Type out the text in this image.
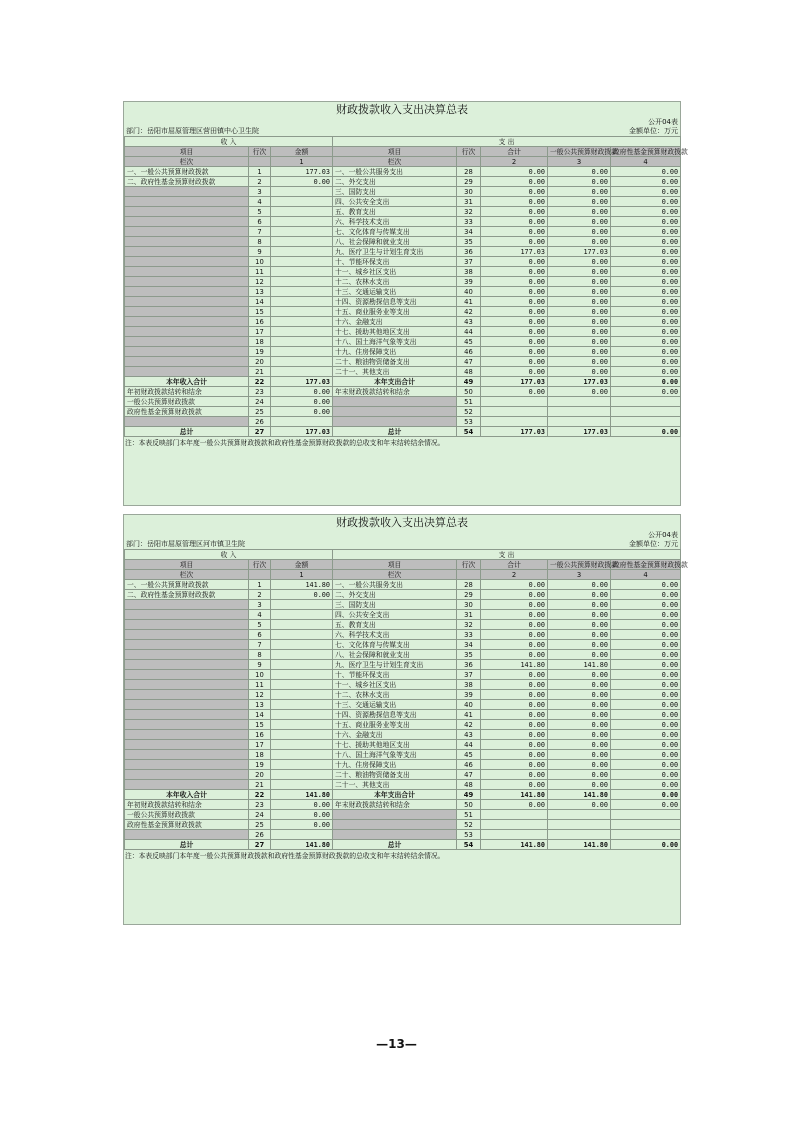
财政拨款收入支出决算总表
公开04表
部门：岳阳市屈原管理区营田镇中心卫生院	金额单位：万元
收 入			支 出				
项目	行次	金额	项目	行次	合计	一般公共预算财政拨款	政府性基金预算财政拨款
栏次		1	栏次		2	3	4
一、一般公共预算财政拨款	1	177.03	一、一般公共服务支出	28	0.00	0.00	0.00
二、政府性基金预算财政拨款	2	0.00	二、外交支出	29	0.00	0.00	0.00
	3		三、国防支出	30	0.00	0.00	0.00
	4		四、公共安全支出	31	0.00	0.00	0.00
	5		五、教育支出	32	0.00	0.00	0.00
	6		六、科学技术支出	33	0.00	0.00	0.00
	7		七、文化体育与传媒支出	34	0.00	0.00	0.00
	8		八、社会保障和就业支出	35	0.00	0.00	0.00
	9		九、医疗卫生与计划生育支出	36	177.03	177.03	0.00
	10		十、节能环保支出	37	0.00	0.00	0.00
	11		十一、城乡社区支出	38	0.00	0.00	0.00
	12		十二、农林水支出	39	0.00	0.00	0.00
	13		十三、交通运输支出	40	0.00	0.00	0.00
	14		十四、资源勘探信息等支出	41	0.00	0.00	0.00
	15		十五、商业服务业等支出	42	0.00	0.00	0.00
	16		十六、金融支出	43	0.00	0.00	0.00
	17		十七、援助其他地区支出	44	0.00	0.00	0.00
	18		十八、国土海洋气象等支出	45	0.00	0.00	0.00
	19		十九、住房保障支出	46	0.00	0.00	0.00
	20		二十、粮油物资储备支出	47	0.00	0.00	0.00
	21		二十一、其他支出	48	0.00	0.00	0.00
本年收入合计	22	177.03	本年支出合计	49	177.03	177.03	0.00
年初财政拨款结转和结余	23	0.00	年末财政拨款结转和结余	50	0.00	0.00	0.00
一般公共预算财政拨款	24	0.00		51			
政府性基金预算财政拨款	25	0.00		52			
	26			53			
总计	27	177.03	总计	54	177.03	177.03	0.00
注：本表反映部门本年度一般公共预算财政拨款和政府性基金预算财政拨款的总收支和年末结转结余情况。
财政拨款收入支出决算总表
公开04表
部门：岳阳市屈原管理区河市镇卫生院	金额单位：万元
收 入			支 出				
项目	行次	金额	项目	行次	合计	一般公共预算财政拨款	政府性基金预算财政拨款
栏次		1	栏次		2	3	4
一、一般公共预算财政拨款	1	141.80	一、一般公共服务支出	28	0.00	0.00	0.00
二、政府性基金预算财政拨款	2	0.00	二、外交支出	29	0.00	0.00	0.00
	3		三、国防支出	30	0.00	0.00	0.00
	4		四、公共安全支出	31	0.00	0.00	0.00
	5		五、教育支出	32	0.00	0.00	0.00
	6		六、科学技术支出	33	0.00	0.00	0.00
	7		七、文化体育与传媒支出	34	0.00	0.00	0.00
	8		八、社会保障和就业支出	35	0.00	0.00	0.00
	9		九、医疗卫生与计划生育支出	36	141.80	141.80	0.00
	10		十、节能环保支出	37	0.00	0.00	0.00
	11		十一、城乡社区支出	38	0.00	0.00	0.00
	12		十二、农林水支出	39	0.00	0.00	0.00
	13		十三、交通运输支出	40	0.00	0.00	0.00
	14		十四、资源勘探信息等支出	41	0.00	0.00	0.00
	15		十五、商业服务业等支出	42	0.00	0.00	0.00
	16		十六、金融支出	43	0.00	0.00	0.00
	17		十七、援助其他地区支出	44	0.00	0.00	0.00
	18		十八、国土海洋气象等支出	45	0.00	0.00	0.00
	19		十九、住房保障支出	46	0.00	0.00	0.00
	20		二十、粮油物资储备支出	47	0.00	0.00	0.00
	21		二十一、其他支出	48	0.00	0.00	0.00
本年收入合计	22	141.80	本年支出合计	49	141.80	141.80	0.00
年初财政拨款结转和结余	23	0.00	年末财政拨款结转和结余	50	0.00	0.00	0.00
一般公共预算财政拨款	24	0.00		51			
政府性基金预算财政拨款	25	0.00		52			
	26			53			
总计	27	141.80	总计	54	141.80	141.80	0.00
注：本表反映部门本年度一般公共预算财政拨款和政府性基金预算财政拨款的总收支和年末结转结余情况。
—13—
